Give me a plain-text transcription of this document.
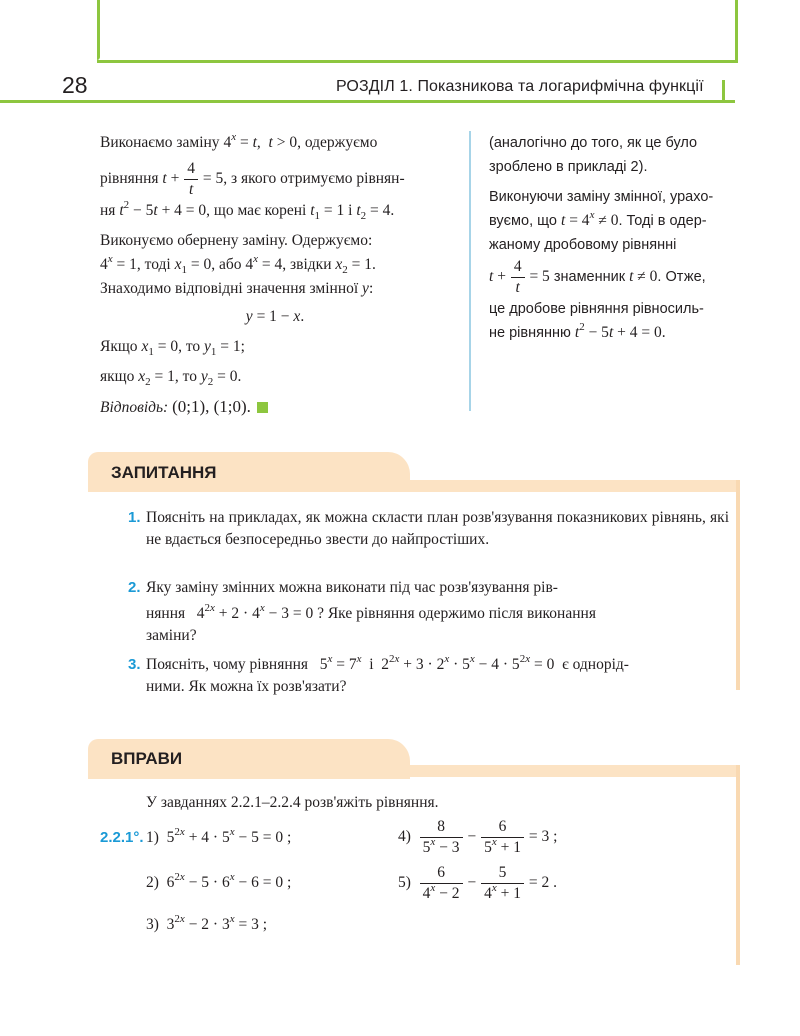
28	РОЗДІЛ 1. Показникова та логарифмічна функції

Виконаємо заміну $4^x = t$,  t > 0, одержуємо

рівняння $t + \frac{4}{t} = 5$, з якого отримуємо рівнян-

ня $t^2 - 5t + 4 = 0$, що має корені $t_1 = 1$ і $t_2 = 4$.

Виконуємо обернену заміну. Одержуємо:

$4^x = 1$, тоді $x_1 = 0$, або $4^x = 4$, звідки $x_2 = 1$.

Знаходимо відповідні значення змінної y:

y = 1 − x.

Якщо $x_1 = 0$, то $y_1 = 1$;

якщо $x_2 = 1$, то $y_2 = 0$.

Відповідь: (0;1), (1;0).

(аналогічно до того, як це було
зроблено в прикладі 2).
Виконуючи заміну змінної, урахо-
вуємо, що $t = 4^x \ne 0$. Тоді в одер-
жаному дробовому рівнянні
$t + \frac{4}{t} = 5$ знаменник t ≠ 0. Отже,
це дробове рівняння рівносиль-
не рівнянню $t^2 - 5t + 4 = 0$.
ЗАПИТАННЯ
1. Поясніть на прикладах, як можна скласти план розв'язування показникових рівнянь, які не вдається безпосередньо звести до найпростіших.
2. Яку заміну змінних можна виконати під час розв'язування рів-
няння   $4^{2x} + 2 \cdot 4^x - 3 = 0$ ? Яке рівняння одержимо після виконання
заміни?
3. Поясніть, чому рівняння   $5^x = 7^x$ і  $2^{2x} + 3 \cdot 2^x \cdot 5^x - 4 \cdot 5^{2x} = 0$  є однорід-
ними. Як можна їх розв'язати?
ВПРАВИ
У завданнях 2.2.1–2.2.4 розв'яжіть рівняння.
2.2.1°. 1)  $5^{2x} + 4 \cdot 5^x - 5 = 0$ ;
2)  $6^{2x} - 5 \cdot 6^x - 6 = 0$ ;
3)  $3^{2x} - 2 \cdot 3^x = 3$ ;
$4) \frac{8}{5^x - 3} - \frac{6}{5^x + 1} = 3$ ;
$5) \frac{6}{4^x - 2} - \frac{5}{4^x + 1} = 2$ .
